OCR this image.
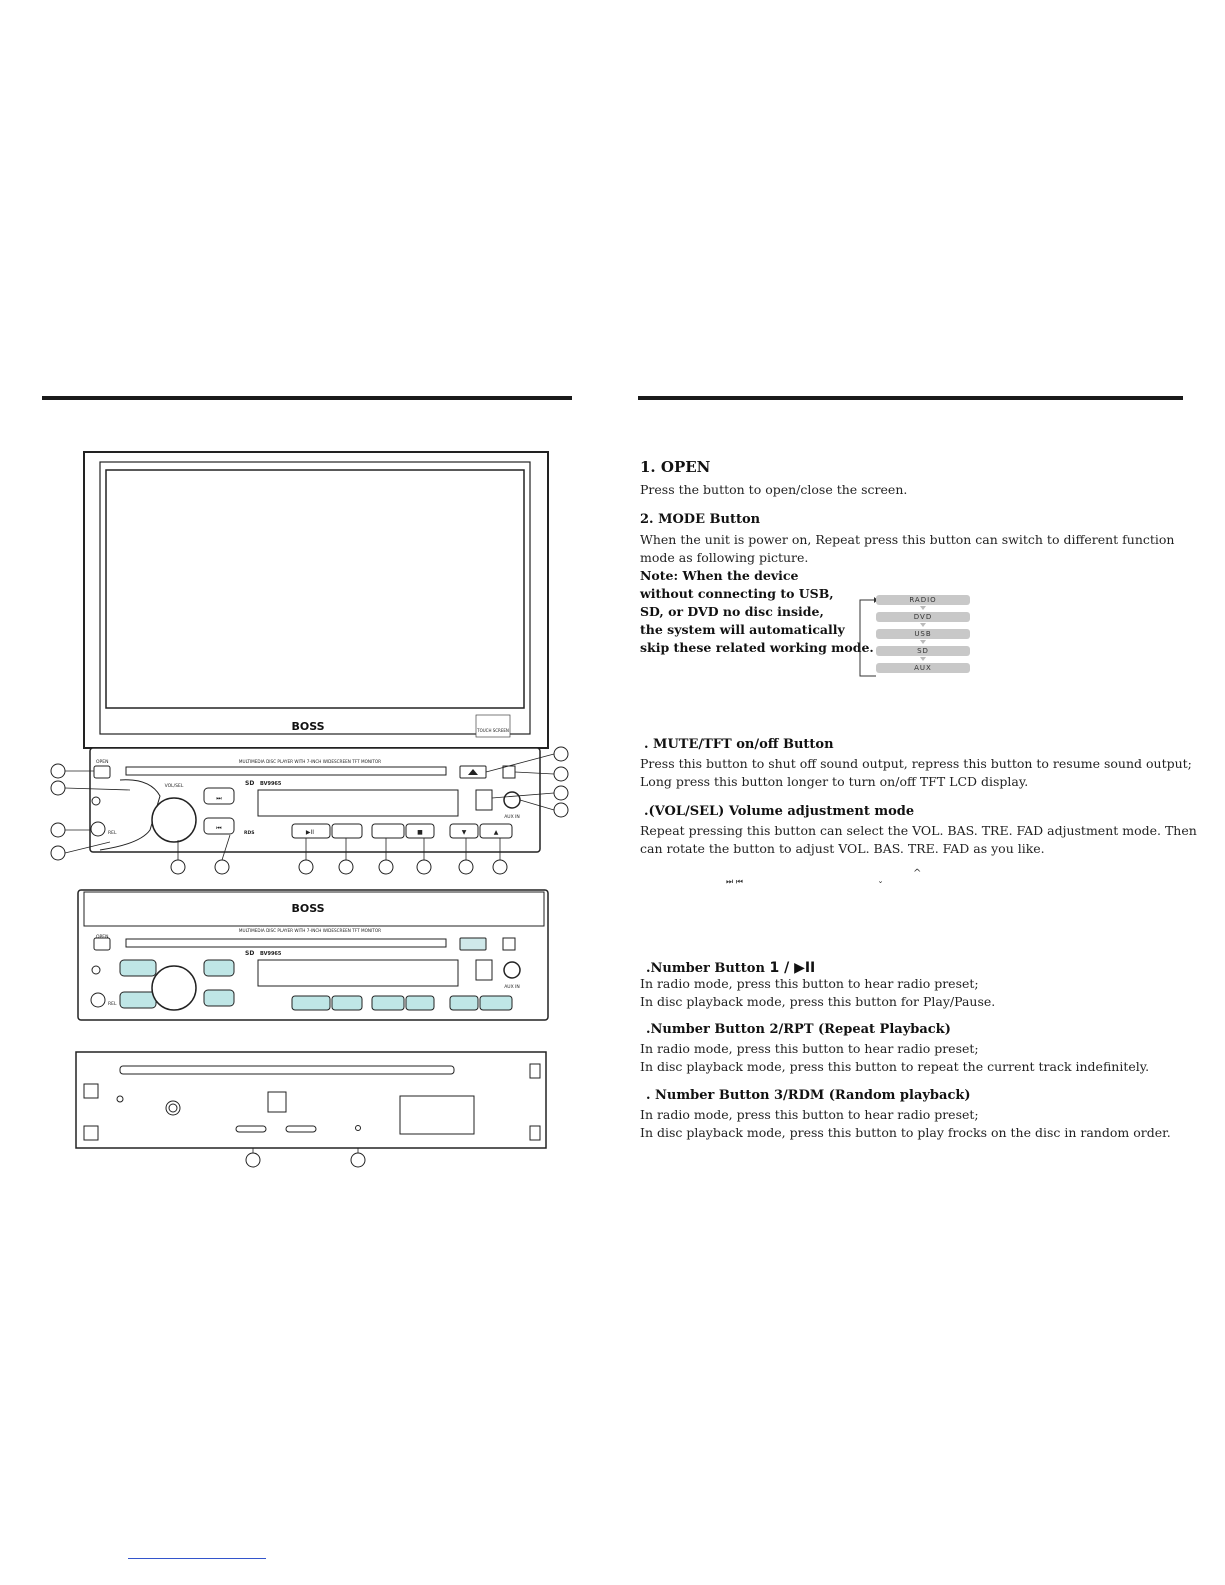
BOSS	TOUCH SCREEN
MULTIMEDIA DISC PLAYER WITH 7-INCH WIDESCREEN TFT MONITOR
OPEN
VOL/SEL
⏭
⏮
SD BV9965
RDS
REL
AUX IN
▶II	■	▼	▲
BOSS
MULTIMEDIA DISC PLAYER WITH 7-INCH WIDESCREEN TFT MONITOR
SD BV9965
REL
AUX IN
1. OPEN
Press the button to open/close the screen.
2. MODE Button
When the unit is power on, Repeat press this button can switch to different function
mode as following picture.
Note: When the device
without connecting to USB,
SD, or DVD no disc inside,
the system will automatically
skip these related working mode.
RADIO
DVD
USB
SD
AUX
. MUTE/TFT on/off Button
Press this button to shut off sound output, repress this button to resume sound output;
Long press this button longer to turn on/off TFT LCD display.
.(VOL/SEL) Volume adjustment mode
Repeat pressing this button can select the VOL. BAS. TRE. FAD adjustment mode. Then
can rotate the button to adjust VOL. BAS. TRE. FAD as you like.
⏭ ⏮
^
ˇ
.Number Button 1 / ▶II
In radio mode, press this button to hear radio preset;
In disc playback mode, press this button for Play/Pause.
.Number Button 2/RPT (Repeat Playback)
In radio mode, press this button to hear radio preset;
In disc playback mode, press this button to repeat the current track indefinitely.
. Number Button 3/RDM (Random playback)
In radio mode, press this button to hear radio preset;
In disc playback mode, press this button to play frocks on the disc in random order.
